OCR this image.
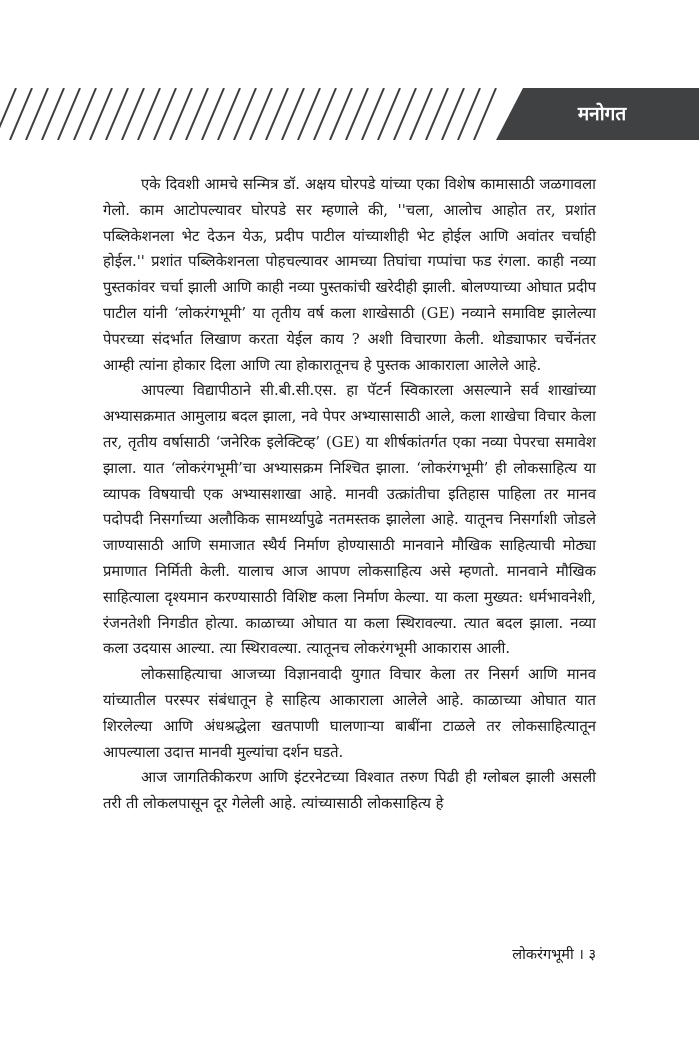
मनोगत

एके दिवशी आमचे सन्मित्र डॉ. अक्षय घोरपडे यांच्या एका विशेष कामासाठी जळगावला गेलो. काम आटोपल्यावर घोरपडे सर म्हणाले की, ''चला, आलोच आहोत तर, प्रशांत पब्लिकेशनला भेट देऊन येऊ, प्रदीप पाटील यांच्याशीही भेट होईल आणि अवांतर चर्चाही होईल.'' प्रशांत पब्लिकेशनला पोहचल्यावर आमच्या तिघांचा गप्पांचा फड रंगला. काही नव्या पुस्तकांवर चर्चा झाली आणि काही नव्या पुस्तकांची खरेदीही झाली. बोलण्याच्या ओघात प्रदीप पाटील यांनी ‘लोकरंगभूमी’ या तृतीय वर्ष कला शाखेसाठी (GE) नव्याने समाविष्ट झालेल्या पेपरच्या संदर्भात लिखाण करता येईल काय ? अशी विचारणा केली. थोड्याफार चर्चेनंतर आम्ही त्यांना होकार दिला आणि त्या होकारातूनच हे पुस्तक आकाराला आलेले आहे.

आपल्या विद्यापीठाने सी.बी.सी.एस. हा पॅटर्न स्विकारला असल्याने सर्व शाखांच्या अभ्यासक्रमात आमुलाग्र बदल झाला, नवे पेपर अभ्यासासाठी आले, कला शाखेचा विचार केला तर, तृतीय वर्षासाठी ‘जनेरिक इलेक्टिव्ह’ (GE) या शीर्षकांतर्गत एका नव्या पेपरचा समावेश झाला. यात ‘लोकरंगभूमी’चा अभ्यासक्रम निश्चित झाला. ‘लोकरंगभूमी’ ही लोकसाहित्य या व्यापक विषयाची एक अभ्यासशाखा आहे. मानवी उत्क्रांतीचा इतिहास पाहिला तर मानव पदोपदी निसर्गाच्या अलौकिक सामर्थ्यापुढे नतमस्तक झालेला आहे. यातूनच निसर्गाशी जोडले जाण्यासाठी आणि समाजात स्थैर्य निर्माण होण्यासाठी मानवाने मौखिक साहित्याची मोठ्या प्रमाणात निर्मिती केली. यालाच आज आपण लोकसाहित्य असे म्हणतो. मानवाने मौखिक साहित्याला दृश्यमान करण्यासाठी विशिष्ट कला निर्माण केल्या. या कला मुख्यत: धर्मभावनेशी, रंजनतेशी निगडीत होत्या. काळाच्या ओघात या कला स्थिरावल्या. त्यात बदल झाला. नव्या कला उदयास आल्या. त्या स्थिरावल्या. त्यातूनच लोकरंगभूमी आकारास आली.

लोकसाहित्याचा आजच्या विज्ञानवादी युगात विचार केला तर निसर्ग आणि मानव यांच्यातील परस्पर संबंधातून हे साहित्य आकाराला आलेले आहे. काळाच्या ओघात यात शिरलेल्या आणि अंधश्रद्धेला खतपाणी घालणाऱ्या बाबींना टाळले तर लोकसाहित्यातून आपल्याला उदात्त मानवी मुल्यांचा दर्शन घडते.

आज जागतिकीकरण आणि इंटरनेटच्या विश्वात तरुण पिढी ही ग्लोबल झाली असली तरी ती लोकलपासून दूर गेलेली आहे. त्यांच्यासाठी लोकसाहित्य हे

लोकरंगभूमी । ३
